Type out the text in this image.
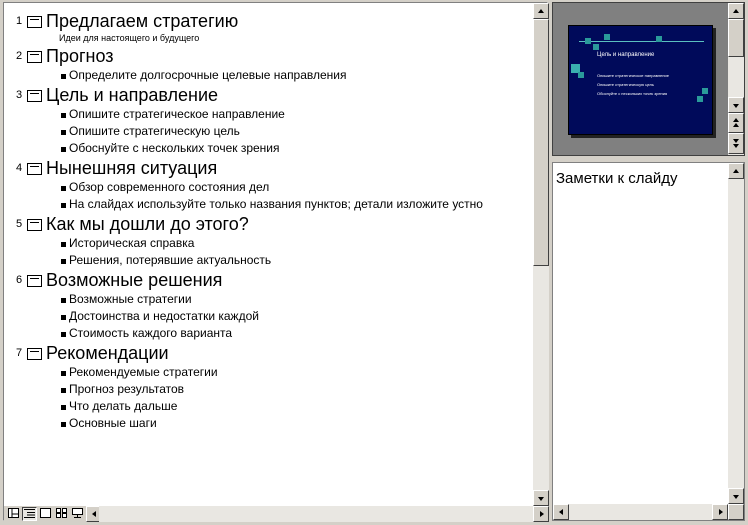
1 Предлагаем стратегию
Идеи для настоящего и будущего
2 Прогноз
Определите долгосрочные целевые направления
3 Цель и направление
Опишите стратегическое направление
Опишите стратегическую цель
Обоснуйте с нескольких точек зрения
4 Нынешняя ситуация
Обзор современного состояния дел
На слайдах используйте только названия пунктов; детали изложите устно
5 Как мы дошли до этого?
Историческая справка
Решения, потерявшие актуальность
6 Возможные решения
Возможные стратегии
Достоинства и недостатки каждой
Стоимость каждого варианта
7 Рекомендации
Рекомендуемые стратегии
Прогноз результатов
Что делать дальше
Основные шаги
Цель и направление
Опишите стратегическое направление
Опишите стратегическую цель
Обоснуйте с нескольких точек зрения
Заметки к слайду
